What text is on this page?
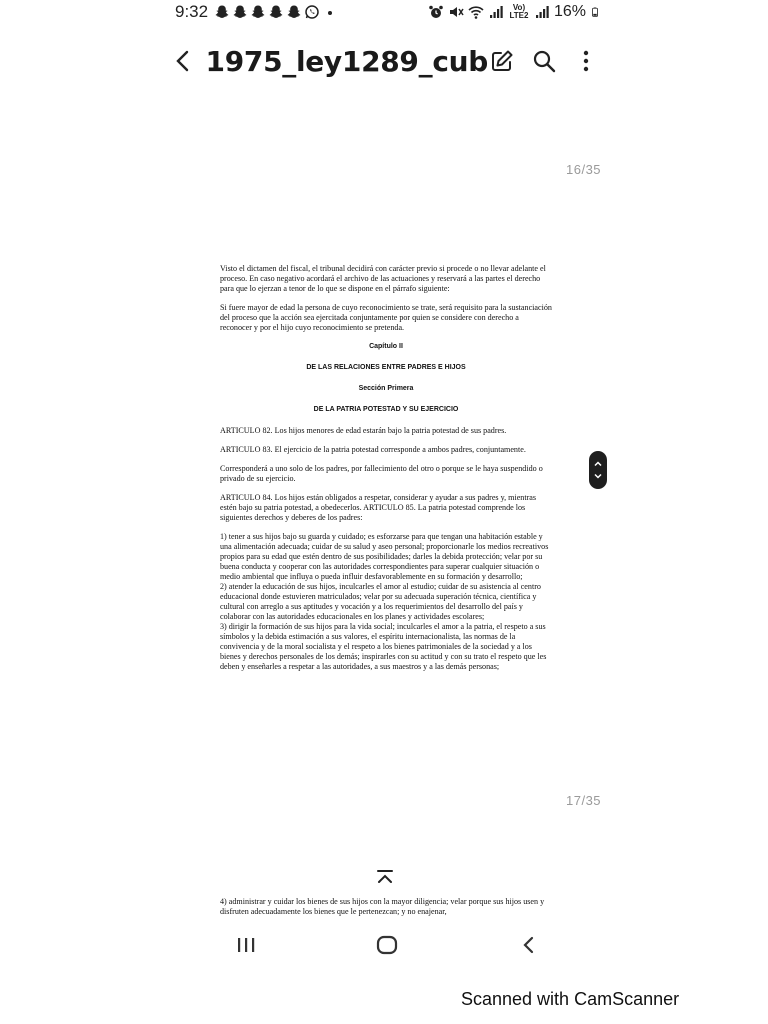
9:32	Vo) LTE2 16%
1975_ley1289_cub
16/35
17/35

Visto el dictamen del fiscal, el tribunal decidirá con carácter previo si procede o no llevar adelante el proceso. En caso negativo acordará el archivo de las actuaciones y reservará a las partes el derecho para que lo ejerzan a tenor de lo que se dispone en el párrafo siguiente:

Si fuere mayor de edad la persona de cuyo reconocimiento se trate, será requisito para la sustanciación del proceso que la acción sea ejercitada conjuntamente por quien se considere con derecho a reconocer y por el hijo cuyo reconocimiento se pretenda.

Capítulo II

DE LAS RELACIONES ENTRE PADRES E HIJOS

Sección Primera

DE LA PATRIA POTESTAD Y SU EJERCICIO

ARTICULO 82. Los hijos menores de edad estarán bajo la patria potestad de sus padres.

ARTICULO 83. El ejercicio de la patria potestad corresponde a ambos padres, conjuntamente.

Corresponderá a uno solo de los padres, por fallecimiento del otro o porque se le haya suspendido o privado de su ejercicio.

ARTICULO 84. Los hijos están obligados a respetar, considerar y ayudar a sus padres y, mientras estén bajo su patria potestad, a obedecerlos. ARTICULO 85. La patria potestad comprende los siguientes derechos y deberes de los padres:

1) tener a sus hijos bajo su guarda y cuidado; es esforzarse para que tengan una habitación estable y una alimentación adecuada; cuidar de su salud y aseo personal; proporcionarle los medios recreativos propios para su edad que estén dentro de sus posibilidades; darles la debida protección; velar por su buena conducta y cooperar con las autoridades correspondientes para superar cualquier situación o medio ambiental que influya o pueda influir desfavorablemente en su formación y desarrollo;

2) atender la educación de sus hijos, inculcarles el amor al estudio; cuidar de su asistencia al centro educacional donde estuvieren matriculados; velar por su adecuada superación técnica, científica y cultural con arreglo a sus aptitudes y vocación y a los requerimientos del desarrollo del país y colaborar con las autoridades educacionales en los planes y actividades escolares;

3) dirigir la formación de sus hijos para la vida social; inculcarles el amor a la patria, el respeto a sus símbolos y la debida estimación a sus valores, el espíritu internacionalista, las normas de la convivencia y de la moral socialista y el respeto a los bienes patrimoniales de la sociedad y a los bienes y derechos personales de los demás; inspirarles con su actitud y con su trato el respeto que les deben y enseñarles a respetar a las autoridades, a sus maestros y a las demás personas;

4) administrar y cuidar los bienes de sus hijos con la mayor diligencia; velar porque sus hijos usen y disfruten adecuadamente los bienes que le pertenezcan; y no enajenar,

Scanned with CamScanner
